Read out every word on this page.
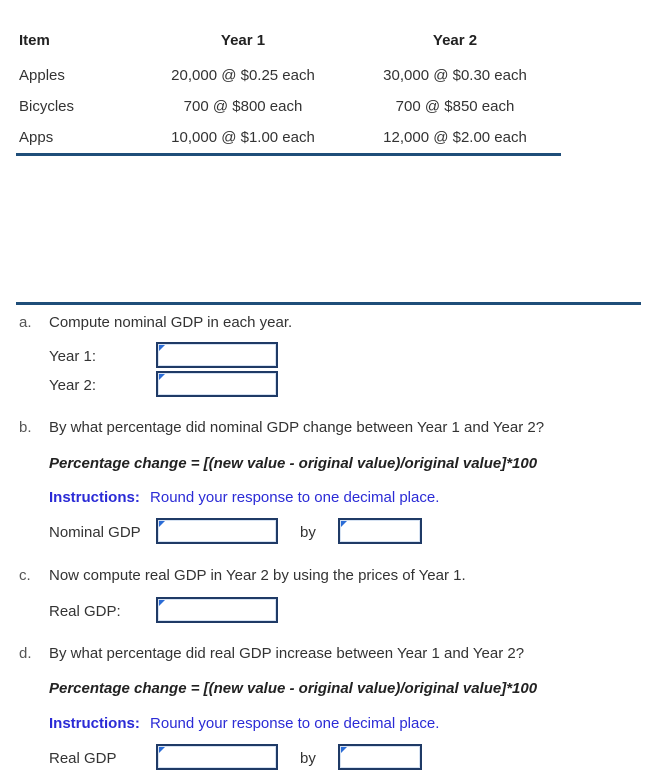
Item	Year 1	Year 2
Apples	20,000 @ $0.25 each	30,000 @ $0.30 each
Bicycles	700 @ $800 each	700 @ $850 each
Apps	10,000 @ $1.00 each	12,000 @ $2.00 each
a. Compute nominal GDP in each year.
Year 1:
Year 2:
b. By what percentage did nominal GDP change between Year 1 and Year 2?
Percentage change = [(new value - original value)/original value]*100
Instructions: Round your response to one decimal place.
Nominal GDP	by
c. Now compute real GDP in Year 2 by using the prices of Year 1.
Real GDP:
d. By what percentage did real GDP increase between Year 1 and Year 2?
Percentage change = [(new value - original value)/original value]*100
Instructions: Round your response to one decimal place.
Real GDP	by
